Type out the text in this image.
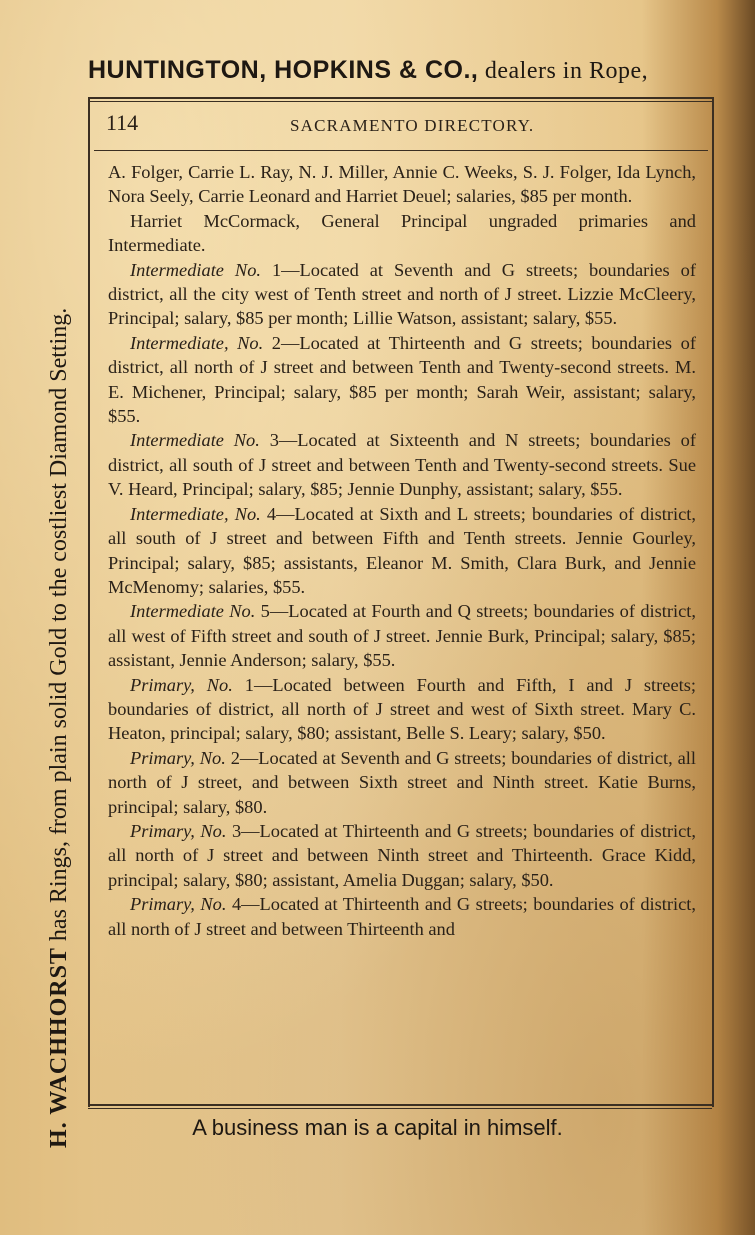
HUNTINGTON, HOPKINS & CO., dealers in Rope,
H. WACHHORST has Rings, from plain solid Gold to the costliest Diamond Setting.
114	SACRAMENTO DIRECTORY.

A. Folger, Carrie L. Ray, N. J. Miller, Annie C. Weeks, S. J. Folger, Ida Lynch, Nora Seely, Carrie Leonard and Harriet Deuel; salaries, $85 per month.

Harriet McCormack, General Principal ungraded primaries and Intermediate.

Intermediate No. 1—Located at Seventh and G streets; boundaries of district, all the city west of Tenth street and north of J street. Lizzie McCleery, Principal; salary, $85 per month; Lillie Watson, assistant; salary, $55.

Intermediate, No. 2—Located at Thirteenth and G streets; boundaries of district, all north of J street and between Tenth and Twenty-second streets. M. E. Michener, Principal; salary, $85 per month; Sarah Weir, assistant; salary, $55.

Intermediate No. 3—Located at Sixteenth and N streets; boundaries of district, all south of J street and between Tenth and Twenty-second streets. Sue V. Heard, Principal; salary, $85; Jennie Dunphy, assistant; salary, $55.

Intermediate, No. 4—Located at Sixth and L streets; boundaries of district, all south of J street and between Fifth and Tenth streets. Jennie Gourley, Principal; salary, $85; assistants, Eleanor M. Smith, Clara Burk, and Jennie McMenomy; salaries, $55.

Intermediate No. 5—Located at Fourth and Q streets; boundaries of district, all west of Fifth street and south of J street. Jennie Burk, Principal; salary, $85; assistant, Jennie Anderson; salary, $55.

Primary, No. 1—Located between Fourth and Fifth, I and J streets; boundaries of district, all north of J street and west of Sixth street. Mary C. Heaton, principal; salary, $80; assistant, Belle S. Leary; salary, $50.

Primary, No. 2—Located at Seventh and G streets; boundaries of district, all north of J street, and between Sixth street and Ninth street. Katie Burns, principal; salary, $80.

Primary, No. 3—Located at Thirteenth and G streets; boundaries of district, all north of J street and between Ninth street and Thirteenth. Grace Kidd, principal; salary, $80; assistant, Amelia Duggan; salary, $50.

Primary, No. 4—Located at Thirteenth and G streets; boundaries of district, all north of J street and between Thirteenth and

A business man is a capital in himself.
